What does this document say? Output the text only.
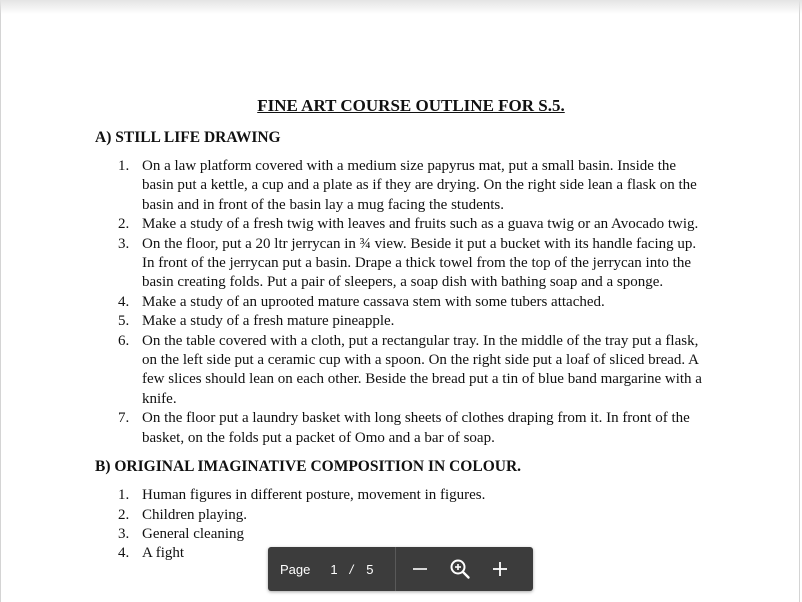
FINE ART COURSE OUTLINE FOR S.5.
A) STILL LIFE DRAWING
1. On a law platform covered with a medium size papyrus mat, put a small basin. Inside the basin put a kettle, a cup and a plate as if they are drying. On the right side lean a flask on the basin and in front of the basin lay a mug facing the students.
2. Make a study of a fresh twig with leaves and fruits such as a guava twig or an Avocado twig.
3. On the floor, put a 20 ltr jerrycan in ¾ view. Beside it put a bucket with its handle facing up. In front of the jerrycan put a basin. Drape a thick towel from the top of the jerrycan into the basin creating folds. Put a pair of sleepers, a soap dish with bathing soap and a sponge.
4. Make a study of an uprooted mature cassava stem with some tubers attached.
5. Make a study of a fresh mature pineapple.
6. On the table covered with a cloth, put a rectangular tray. In the middle of the tray put a flask, on the left side put a ceramic cup with a spoon. On the right side put a loaf of sliced bread. A few slices should lean on each other. Beside the bread put a tin of blue band margarine with a knife.
7. On the floor put a laundry basket with long sheets of clothes draping from it. In front of the basket, on the folds put a packet of Omo and a bar of soap.
B) ORIGINAL IMAGINATIVE COMPOSITION IN COLOUR.
1. Human figures in different posture, movement in figures.
2. Children playing.
3. General cleaning
4. A fight
Page 1 / 5
